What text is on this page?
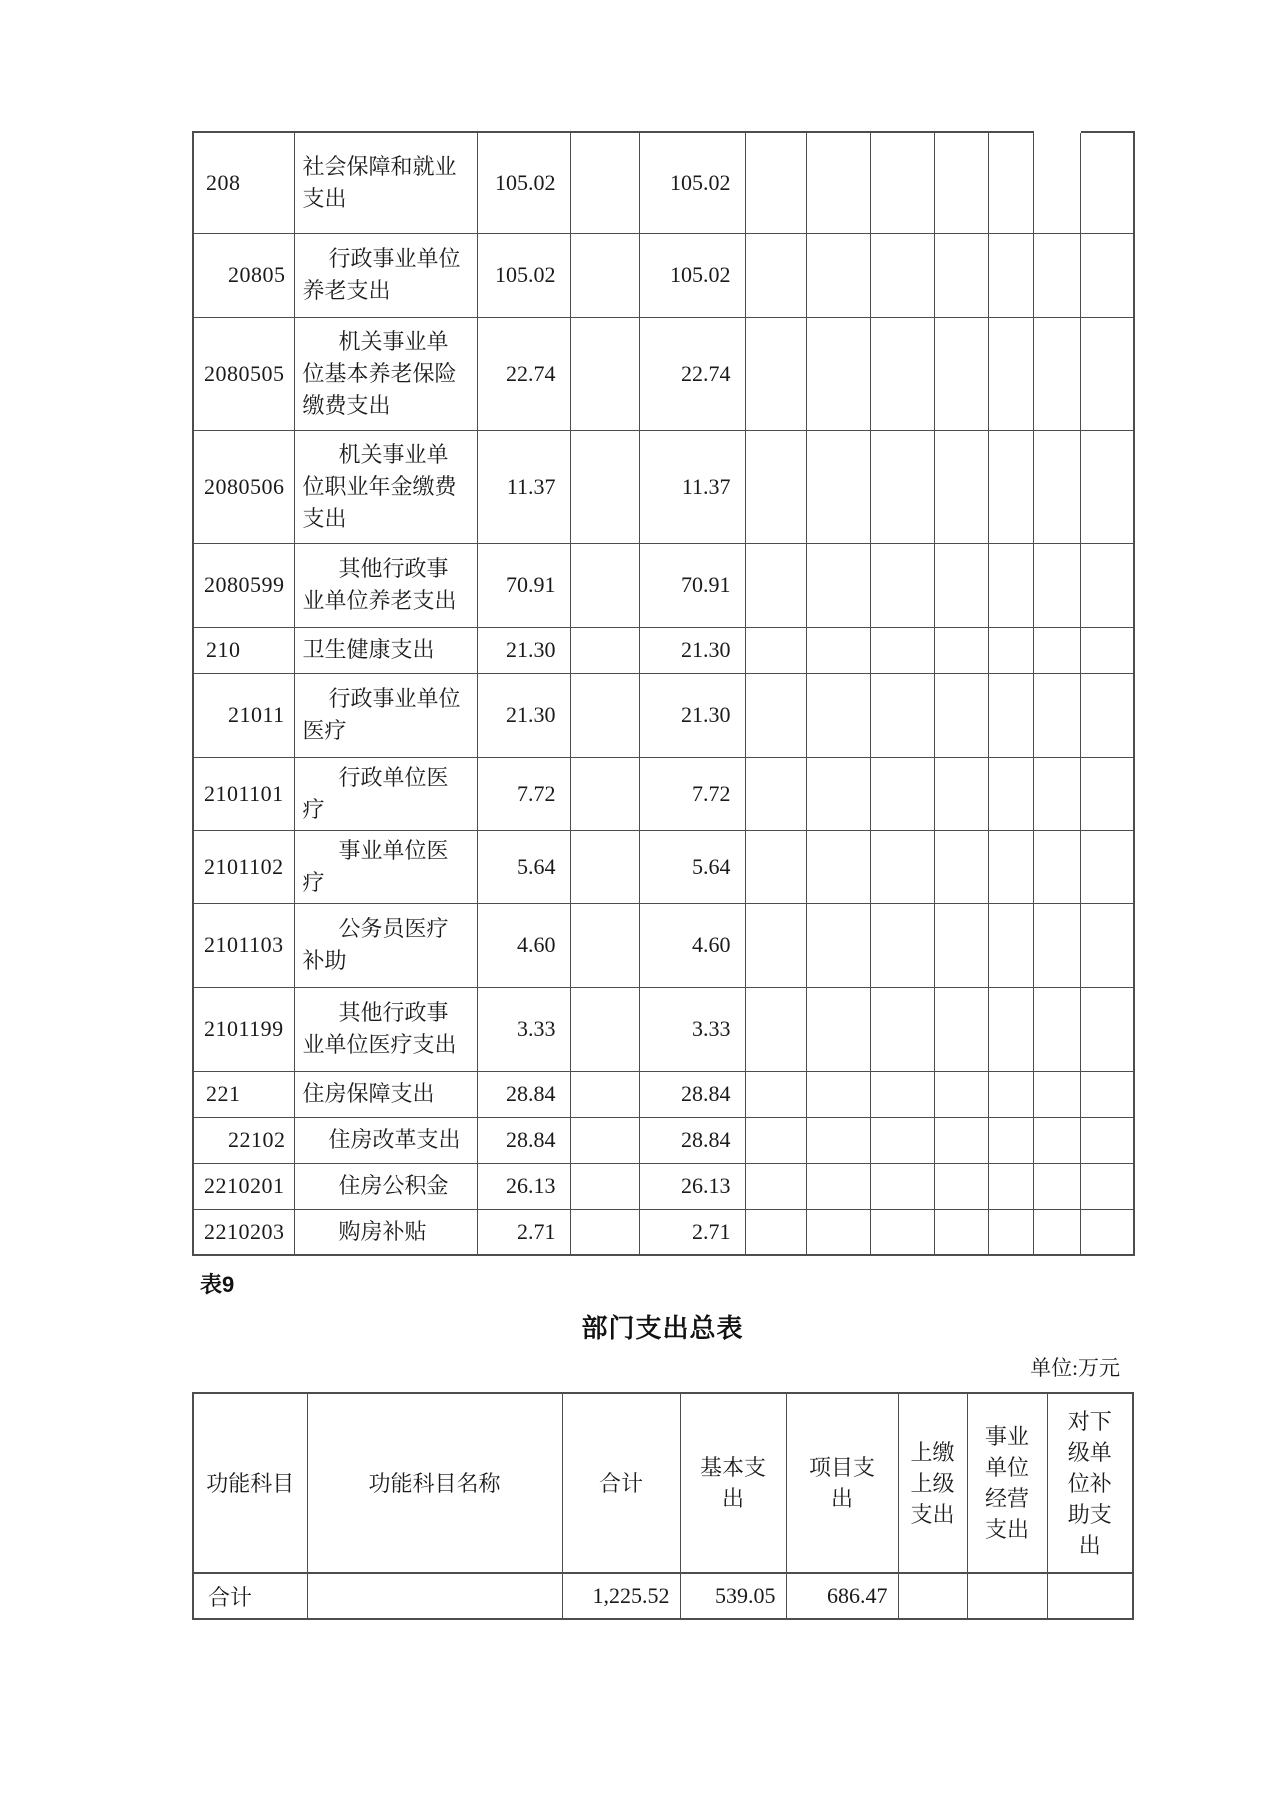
208	社会保障和就业支出	105.02		105.02							
20805	行政事业单位养老支出	105.02		105.02							
2080505	机关事业单位基本养老保险缴费支出	22.74		22.74							
2080506	机关事业单位职业年金缴费支出	11.37		11.37							
2080599	其他行政事业单位养老支出	70.91		70.91							
210	卫生健康支出	21.30		21.30							
21011	行政事业单位医疗	21.30		21.30							
2101101	行政单位医疗	7.72		7.72							
2101102	事业单位医疗	5.64		5.64							
2101103	公务员医疗补助	4.60		4.60							
2101199	其他行政事业单位医疗支出	3.33		3.33							
221	住房保障支出	28.84		28.84							
22102	住房改革支出	28.84		28.84							
2210201	住房公积金	26.13		26.13							
2210203	购房补贴	2.71		2.71							
表9
部门支出总表
单位:万元
功能科目	功能科目名称	合计	基本支出	项目支出	上缴上级支出	事业单位经营支出	对下级单位补助支出
合计		1,225.52	539.05	686.47			
